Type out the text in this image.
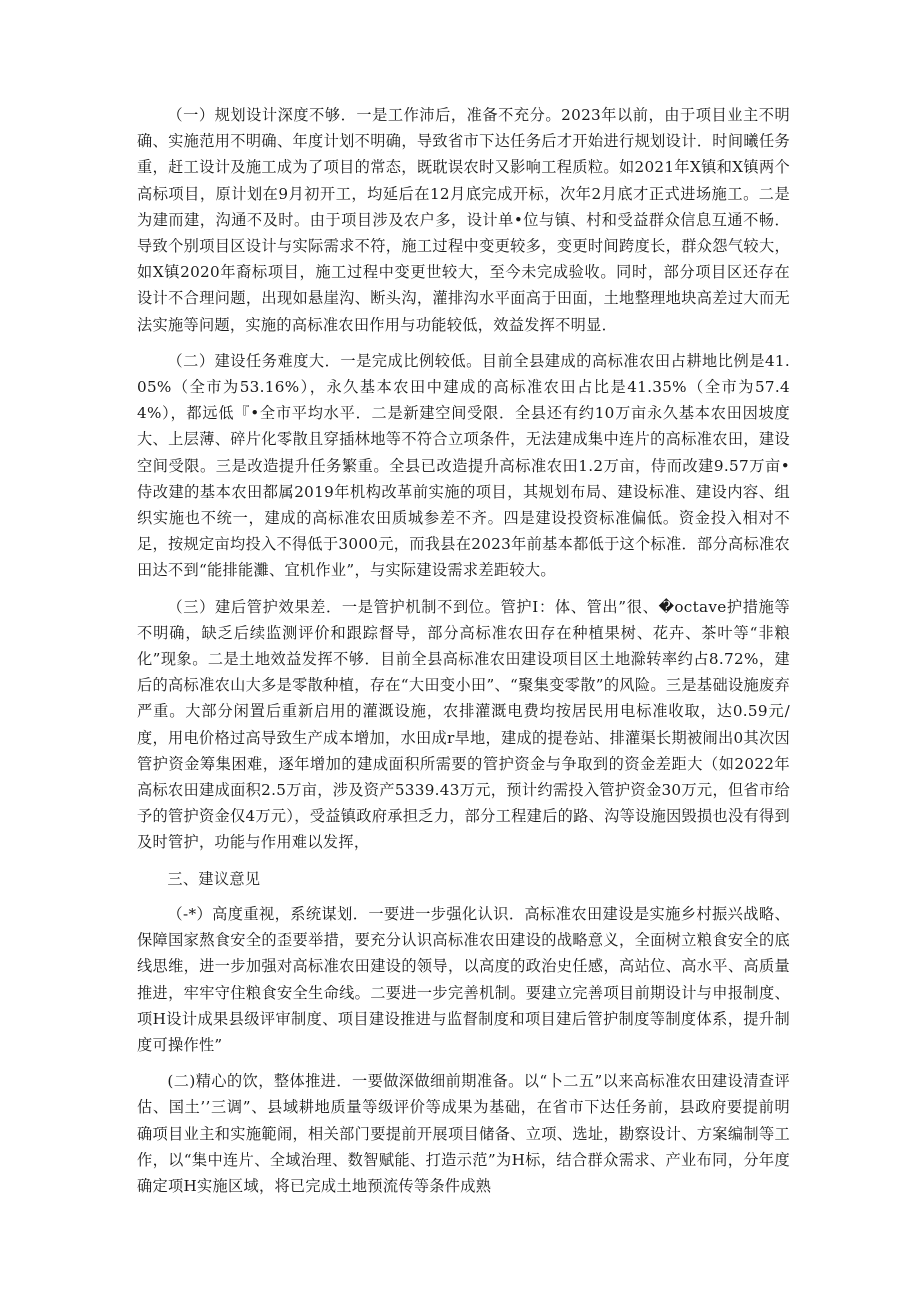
（一）规划设计深度不够．一是工作沛后，准备不充分。2023年以前，由于项目业主不明确、实施范用不明确、年度计划不明确，导致省市下达任务后才开始进行规划设计．时间曦任务重，赶工设计及施工成为了项目的常态，既耽误农时又影响工程质粒。如2021年X镇和X镇两个高标项目，原计划在9月初开工，均延后在12月底完成开标，次年2月底才正式进场施工。二是为建而建，沟通不及时。由于项目涉及农户多，设计单•位与镇、村和受益群众信息互通不畅．导致个别项目区设计与实际需求不符，施工过程中变更较多，变更时间跨度长，群众怨气较大，如X镇2020年裔标项目，施工过程中变更世较大，至今未完成验收。同时，部分项目区还存在设计不合理问题，出现如悬崖沟、断头沟，灌排沟水平面高于田面，土地整理地块高差过大而无法实施等问题，实施的高标准农田作用与功能较低，效益发挥不明显．

（二）建设任务难度大．一是完成比例较低。目前全县建成的高标准农田占耕地比例是41.05%（全市为53.16%），永久基本农田中建成的高标准农田占比是41.35%（全市为57.44%），都远低『•全市平均水平．二是新建空间受限．全县还有约10万亩永久基本农田因坡度大、上层薄、碎片化零散且穿插林地等不符合立项条件，无法建成集中连片的高标准农田，建设空间受限。三是改造提升任务繁重。全县已改造提升高标准农田1.2万亩，侍而改建9.57万亩•侍改建的基本农田都属2019年机构改革前实施的项目，其规划布局、建设标准、建设内容、组织实施也不统一，建成的高标准农田质城参差不齐。四是建设投资标准偏低。资金投入相对不足，按规定亩均投入不得低于3000元，而我县在2023年前基本都低于这个标准．部分高标准农田达不到“能排能灘、宜机作业”，与实际建设需求差距较大。

（三）建后管护效果差．一是管护机制不到位。管护I：体、管出”很、�octave护措施等不明确，缺乏后续监测评价和跟踪督导，部分高标准农田存在种植果树、花卉、茶叶等“非粮化”现象。二是土地效益发挥不够．目前全县高标准农田建设项目区土地滁转率约占8.72%，建后的高标准农山大多是零散种植，存在“大田变小田”、“聚集变零散”的风险。三是基础设施废弃严重。大部分闲置后重新启用的灌溉设施，农排灌溉电费均按居民用电标准收取，达0.59元/度，用电价格过高导致生产成本增加，水田成r旱地，建成的提卷站、排灌渠长期被闹出0其次因管护资金筹集困难，逐年增加的建成面积所需要的管护资金与争取到的资金差距大（如2022年高标农田建成面积2.5万亩，涉及资产5339.43万元，预计约需投入管护资金30万元，但省市给予的管护资金仅4万元），受益镇政府承担乏力，部分工程建后的路、沟等设施因毁损也没有得到及时管护，功能与作用难以发挥，

三、建议意见

（-*）高度重视，系统谋划．一要进一步强化认识．高标准农田建设是实施乡村振兴战略、保障国家熬食安全的歪要举措，要充分认识高标准农田建设的战略意义，全面树立粮食安全的底线思维，进一步加强对高标准农田建设的领导，以高度的政治史任感，高站位、高水平、高质量推进，牢牢守住粮食安全生命线。二要进一步完善机制。要建立完善项目前期设计与申报制度、项H设计成果县级评审制度、项目建设推进与监督制度和项目建后管护制度等制度体系，提升制度可操作性”

(二)精心的饮，整体推进．一要做深做细前期准备。以“卜二五”以来高标准农田建设清查评估、国土’’三调”、县域耕地质量等级评价等成果为基础，在省市下达任务前，县政府要提前明确项目业主和实施範闹，相关部门要提前开展项目储备、立项、选址，勘察设计、方案编制等工作，以“集中连片、全域治理、数智赋能、打造示范”为H标，结合群众需求、产业布同，分年度确定项H实施区域，将已完成土地预流传等条件成熟
